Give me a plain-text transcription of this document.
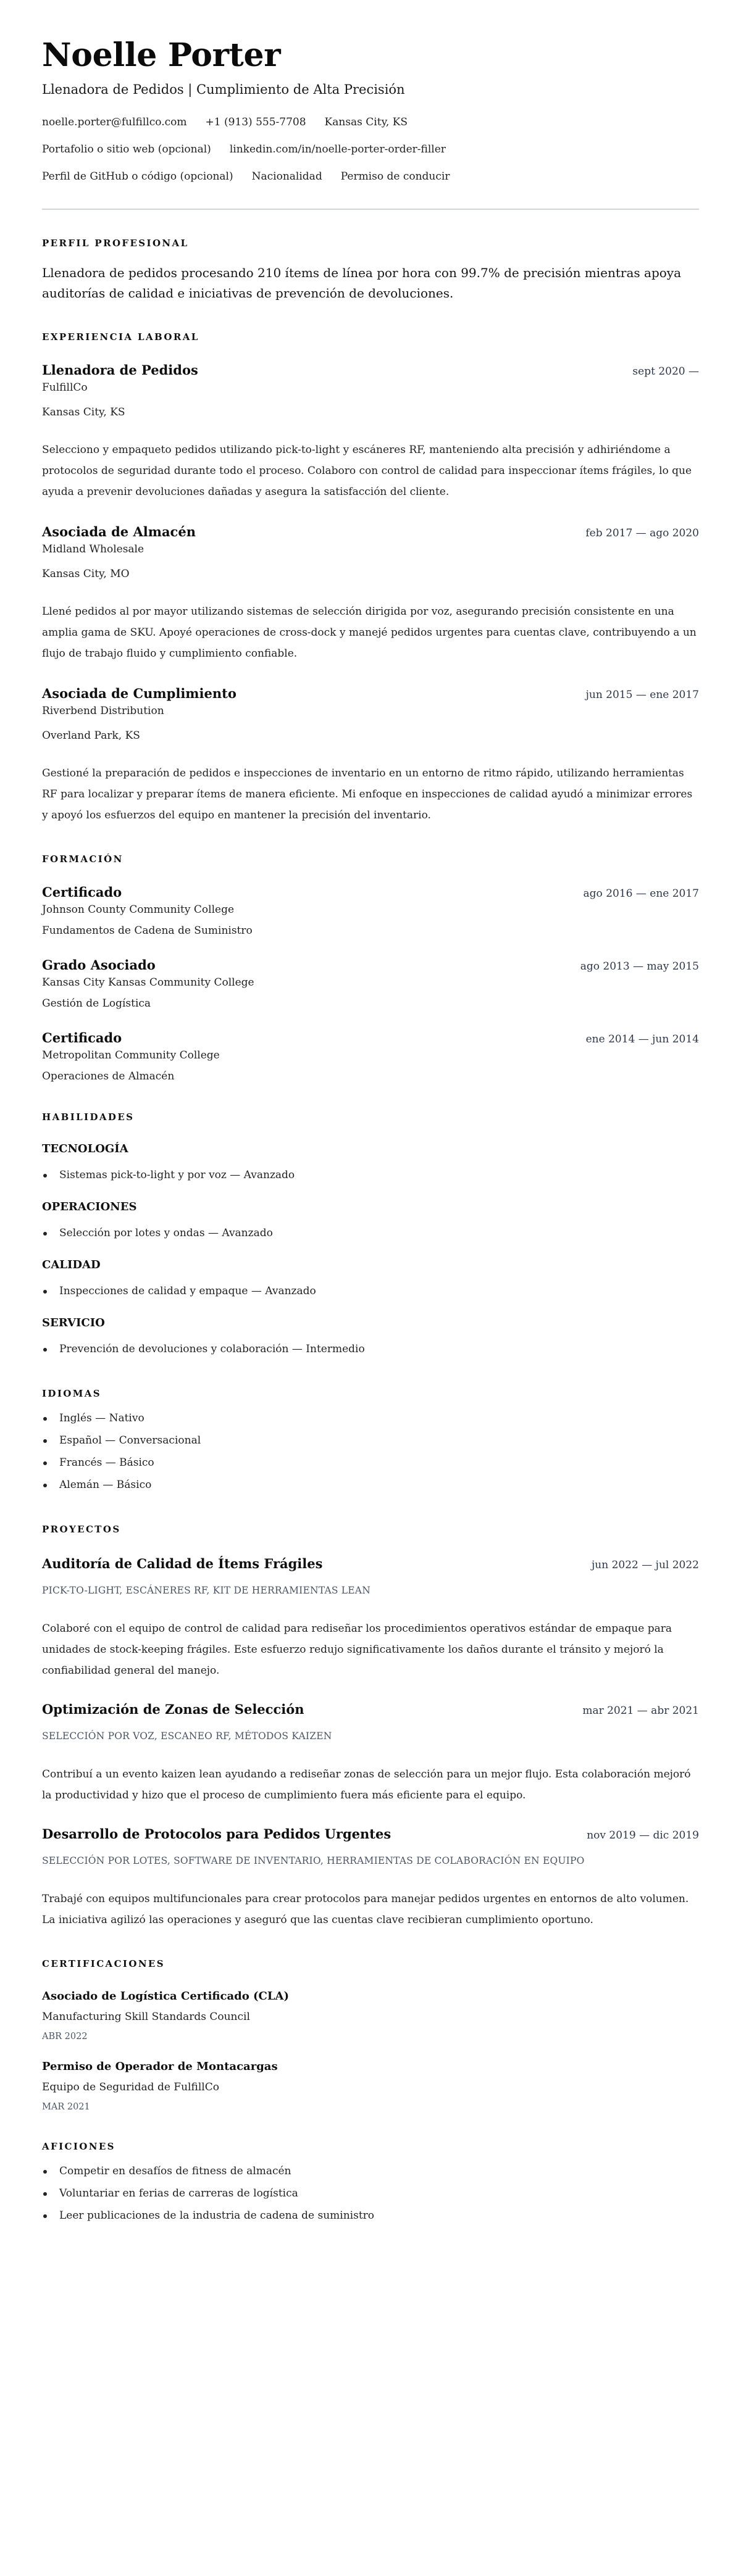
Noelle Porter
Llenadora de Pedidos | Cumplimiento de Alta Precisión
noelle.porter@fulfillco.com +1 (913) 555-7708 Kansas City, KS
Portafolio o sitio web (opcional) linkedin.com/in/noelle-porter-order-filler
Perfil de GitHub o código (opcional) Nacionalidad Permiso de conducir
PERFIL PROFESIONAL

Llenadora de pedidos procesando 210 ítems de línea por hora con 99.7% de precisión mientras apoya auditorías de calidad e iniciativas de prevención de devoluciones.

EXPERIENCIA LABORAL
Llenadora de Pedidos	sept 2020 —
FulfillCo
Kansas City, KS

Selecciono y empaqueto pedidos utilizando pick-to-light y escáneres RF, manteniendo alta precisión y adhiriéndome a protocolos de seguridad durante todo el proceso. Colaboro con control de calidad para inspeccionar ítems frágiles, lo que ayuda a prevenir devoluciones dañadas y asegura la satisfacción del cliente.

Asociada de Almacén	feb 2017 — ago 2020
Midland Wholesale
Kansas City, MO

Llené pedidos al por mayor utilizando sistemas de selección dirigida por voz, asegurando precisión consistente en una amplia gama de SKU. Apoyé operaciones de cross-dock y manejé pedidos urgentes para cuentas clave, contribuyendo a un flujo de trabajo fluido y cumplimiento confiable.

Asociada de Cumplimiento	jun 2015 — ene 2017
Riverbend Distribution
Overland Park, KS

Gestioné la preparación de pedidos e inspecciones de inventario en un entorno de ritmo rápido, utilizando herramientas RF para localizar y preparar ítems de manera eficiente. Mi enfoque en inspecciones de calidad ayudó a minimizar errores y apoyó los esfuerzos del equipo en mantener la precisión del inventario.

FORMACIÓN
Certificado	ago 2016 — ene 2017
Johnson County Community College
Fundamentos de Cadena de Suministro
Grado Asociado	ago 2013 — may 2015
Kansas City Kansas Community College
Gestión de Logística
Certificado	ene 2014 — jun 2014
Metropolitan Community College
Operaciones de Almacén
HABILIDADES
TECNOLOGÍA
Sistemas pick-to-light y por voz — Avanzado
OPERACIONES
Selección por lotes y ondas — Avanzado
CALIDAD
Inspecciones de calidad y empaque — Avanzado
SERVICIO
Prevención de devoluciones y colaboración — Intermedio
IDIOMAS
Inglés — Nativo
Español — Conversacional
Francés — Básico
Alemán — Básico
PROYECTOS
Auditoría de Calidad de Ítems Frágiles	jun 2022 — jul 2022
PICK-TO-LIGHT, ESCÁNERES RF, KIT DE HERRAMIENTAS LEAN

Colaboré con el equipo de control de calidad para rediseñar los procedimientos operativos estándar de empaque para unidades de stock-keeping frágiles. Este esfuerzo redujo significativamente los daños durante el tránsito y mejoró la confiabilidad general del manejo.

Optimización de Zonas de Selección	mar 2021 — abr 2021
SELECCIÓN POR VOZ, ESCANEO RF, MÉTODOS KAIZEN

Contribuí a un evento kaizen lean ayudando a rediseñar zonas de selección para un mejor flujo. Esta colaboración mejoró la productividad y hizo que el proceso de cumplimiento fuera más eficiente para el equipo.

Desarrollo de Protocolos para Pedidos Urgentes	nov 2019 — dic 2019
SELECCIÓN POR LOTES, SOFTWARE DE INVENTARIO, HERRAMIENTAS DE COLABORACIÓN EN EQUIPO

Trabajé con equipos multifuncionales para crear protocolos para manejar pedidos urgentes en entornos de alto volumen. La iniciativa agilizó las operaciones y aseguró que las cuentas clave recibieran cumplimiento oportuno.

CERTIFICACIONES
Asociado de Logística Certificado (CLA)
Manufacturing Skill Standards Council
ABR 2022
Permiso de Operador de Montacargas
Equipo de Seguridad de FulfillCo
MAR 2021
AFICIONES
Competir en desafíos de fitness de almacén
Voluntariar en ferias de carreras de logística
Leer publicaciones de la industria de cadena de suministro
